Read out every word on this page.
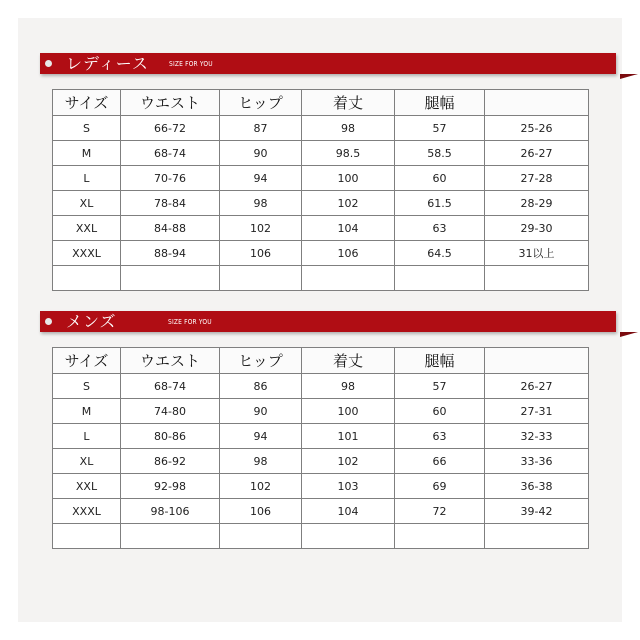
レディース	SIZE FOR YOU
サイズ	ウエスト	ヒップ	着丈	腿幅	
S	66-72	87	98	57	25-26
M	68-74	90	98.5	58.5	26-27
L	70-76	94	100	60	27-28
XL	78-84	98	102	61.5	28-29
XXL	84-88	102	104	63	29-30
XXXL	88-94	106	106	64.5	31以上

メンズ	SIZE FOR YOU
サイズ	ウエスト	ヒップ	着丈	腿幅	
S	68-74	86	98	57	26-27
M	74-80	90	100	60	27-31
L	80-86	94	101	63	32-33
XL	86-92	98	102	66	33-36
XXL	92-98	102	103	69	36-38
XXXL	98-106	106	104	72	39-42
